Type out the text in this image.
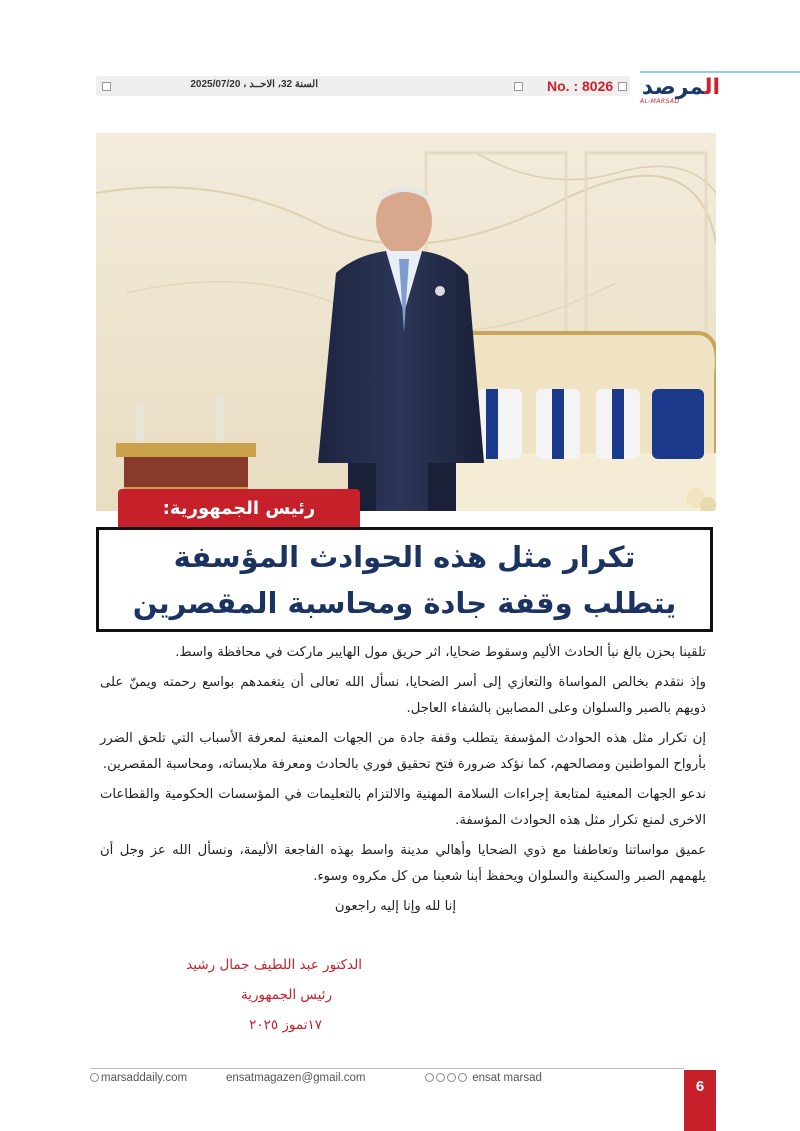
المرصد
AL-MARSAD
No. : 8026
السنة 32، الاحــد ، 2025/07/20
رئيس الجمهورية:
تكرار مثل هذه الحوادث المؤسفة
يتطلب وقفة جادة ومحاسبة المقصرين

تلقينا بحزن بالغ نبأ الحادث الأليم وسقوط ضحايا، اثر حريق مول الهايبر ماركت في محافظة واسط.

وإذ نتقدم بخالص المواساة والتعازي إلى أسر الضحايا، نسأل الله تعالى أن يتغمدهم بواسع رحمته ويمنّ على ذويهم بالصبر والسلوان وعلى المصابين بالشفاء العاجل.

إن تكرار مثل هذه الحوادث المؤسفة يتطلب وقفة جادة من الجهات المعنية لمعرفة الأسباب التي تلحق الضرر بأرواح المواطنين ومصالحهم، كما نؤكد ضرورة فتح تحقيق فوري بالحادث ومعرفة ملابساته، ومحاسبة المقصرين.

ندعو الجهات المعنية لمتابعة إجراءات السلامة المهنية والالتزام بالتعليمات في المؤسسات الحكومية والقطاعات الاخرى لمنع تكرار مثل هذه الحوادث المؤسفة.

عميق مواساتنا وتعاطفنا مع ذوي الضحايا وأهالي مدينة واسط بهذه الفاجعة الأليمة، ونسأل الله عز وجل أن يلهمهم الصبر والسكينة والسلوان ويحفظ أبنا شعبنا من كل مكروه وسوء.

إنا لله وإنا إليه راجعون

الدكتور عبد اللطيف جمال رشيد
رئيس الجمهورية
١٧تموز ٢٠٢٥
marsaddaily.com	ensatmagazen@gmail.com	ensat marsad	6
